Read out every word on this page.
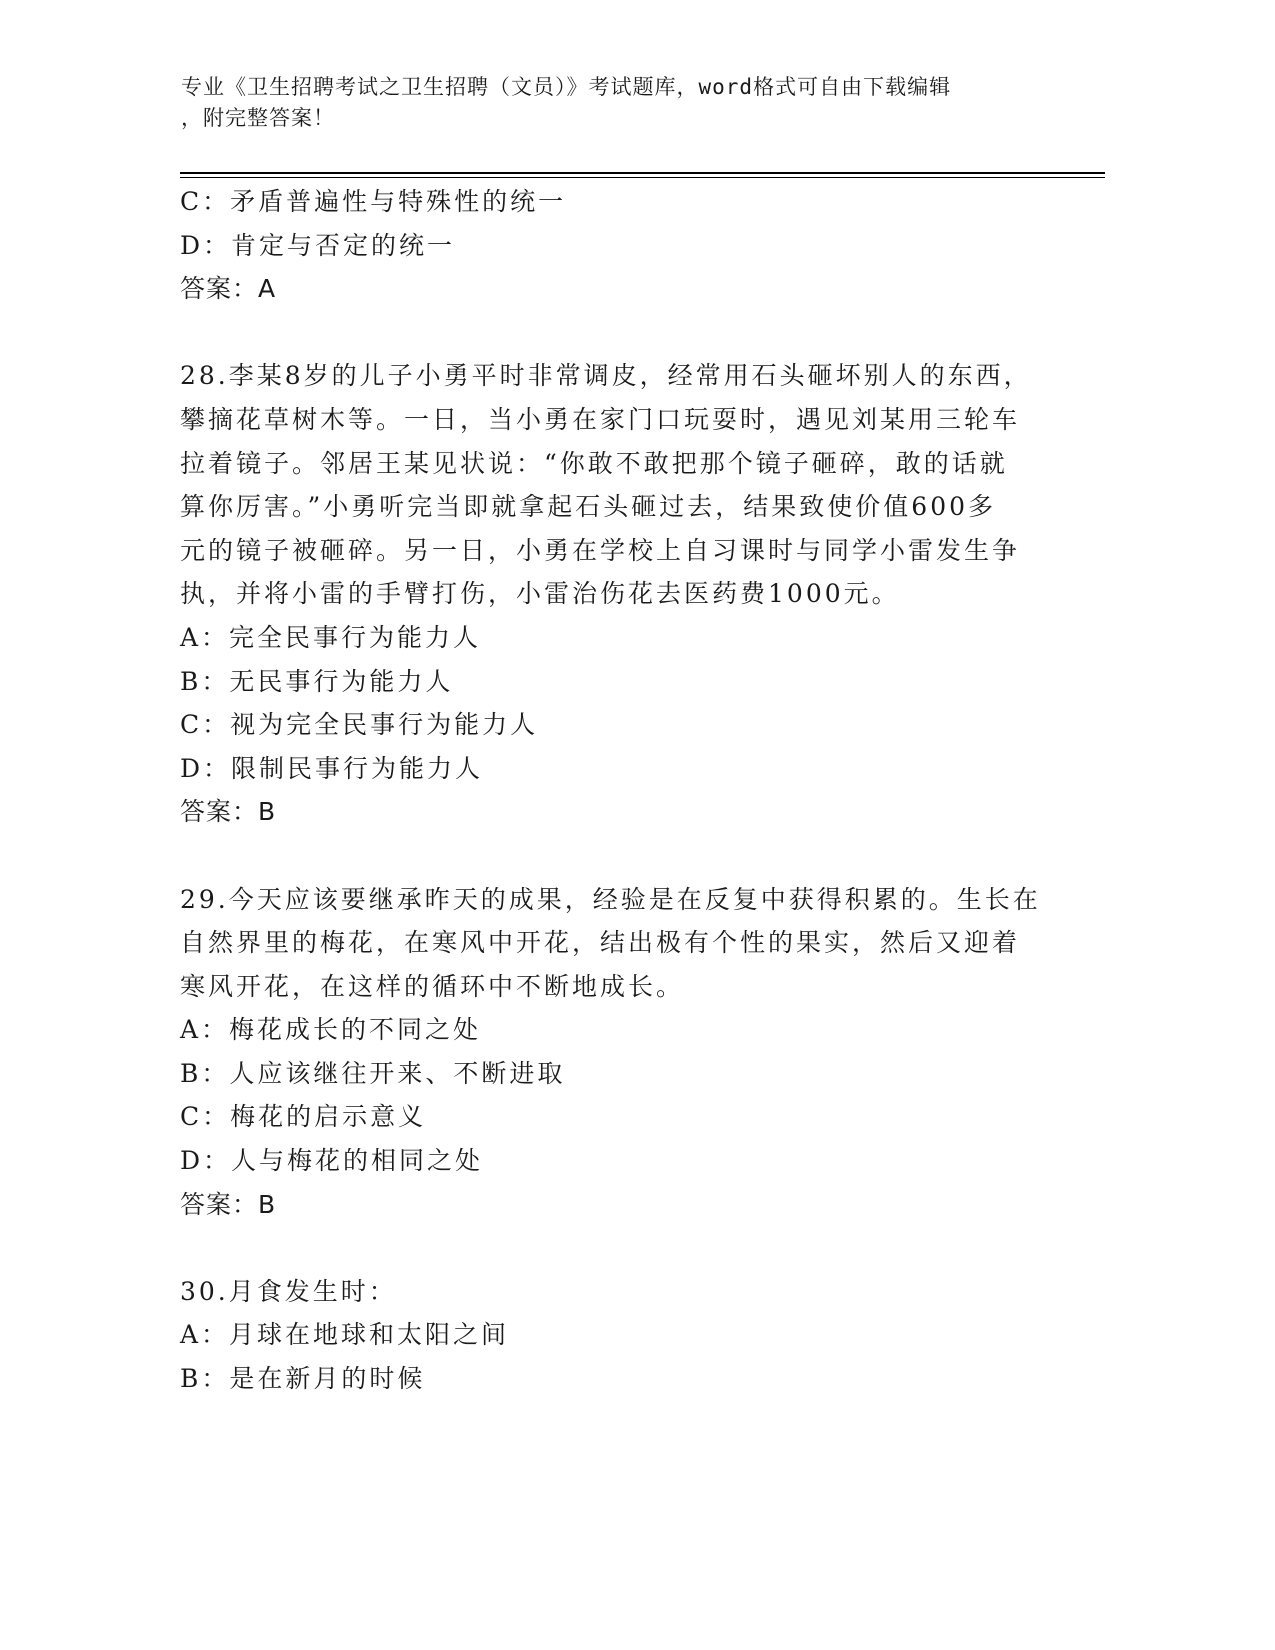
专业《卫生招聘考试之卫生招聘（文员）》考试题库，word格式可自由下载编辑
，附完整答案！
C：矛盾普遍性与特殊性的统一
D：肯定与否定的统一
答案：A
28.李某8岁的儿子小勇平时非常调皮，经常用石头砸坏别人的东西，
攀摘花草树木等。一日，当小勇在家门口玩耍时，遇见刘某用三轮车
拉着镜子。邻居王某见状说：“你敢不敢把那个镜子砸碎，敢的话就
算你厉害。”小勇听完当即就拿起石头砸过去，结果致使价值600多
元的镜子被砸碎。另一日，小勇在学校上自习课时与同学小雷发生争
执，并将小雷的手臂打伤，小雷治伤花去医药费1000元。
A：完全民事行为能力人
B：无民事行为能力人
C：视为完全民事行为能力人
D：限制民事行为能力人
答案：B
29.今天应该要继承昨天的成果，经验是在反复中获得积累的。生长在
自然界里的梅花，在寒风中开花，结出极有个性的果实，然后又迎着
寒风开花，在这样的循环中不断地成长。
A：梅花成长的不同之处
B：人应该继往开来、不断进取
C：梅花的启示意义
D：人与梅花的相同之处
答案：B
30.月食发生时：
A：月球在地球和太阳之间
B：是在新月的时候
